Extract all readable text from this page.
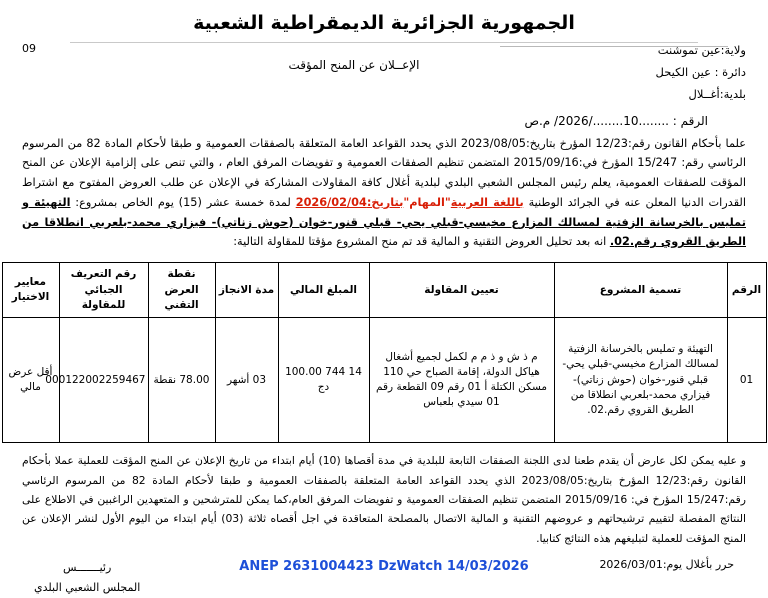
الجمهورية الجزائرية الديمقراطية الشعبية
ولاية:عين تموشنت
دائرة : عين الكيحل
بلدية:أغــلال
الإعــلان عن المنح المؤقت
09
الرقم : ........10......../2026/ م.ص
علما بأحكام القانون رقم:12/23 المؤرخ بتاريخ:2023/08/05 الذي يحدد القواعد العامة المتعلقة بالصفقات العمومية و طبقا لأحكام المادة 82 من المرسوم الرئاسي رقم: 15/247 المؤرخ في:2015/09/16 المتضمن تنظيم الصفقات العمومية و تفويضات المرفق العام ، والتي تنص على إلزامية الإعلان عن المنح المؤقت للصفقات العمومية، يعلم رئيس المجلس الشعبي البلدي لبلدية أغلال كافة المقاولات المشاركة في الإعلان عن طلب العروض المفتوح مع اشتراط القدرات الدنيا المعلن عنه في الجرائد الوطنية باللغة العربية"المهام"بتاريخ:2026/02/04 لمدة خمسة عشر (15) يوم الخاص بمشروع: التهيئة و تمليس بالخرسانة الزفتية لمسالك المزارع مخيسي-قبلي يحي- قبلي قنور-خوان (حوش زناتي)- فيزاري محمد-بلعربي انطلاقا من الطريق القروي رقم.02. انه بعد تحليل العروض التقنية و المالية قد تم منح المشروع مؤقتا للمقاولة التالية:
الرقم	تسمية المشروع	تعيين المقاولة	المبلغ المالي	مدة الانجاز	نقطة العرض التقني	رقم التعريف الجبائي للمقاولة	معايير الاختيار
01	التهيئة و تمليس بالخرسانة الزفتية لمسالك المزارع مخيسي-قبلي يحي- قبلي قنور-خوان (حوش زناتي)- فيزاري محمد-بلعربي انطلاقا من الطريق القروي رقم.02.	م ذ ش و ذ م م لكمل لجميع أشغال هياكل الدولة، إقامة الصباح حي 110 مسكن الكتلة أ 01 رقم 09 القطعة رقم 01 سيدي بلعباس	14 744 100.00 دج	03 أشهر	78.00 نقطة	000122002259467	أقل عرض مالي
و عليه يمكن لكل عارض أن يقدم طعنا لدى اللجنة الصفقات التابعة للبلدية في مدة أقصاها (10) أيام ابتداء من تاريخ الإعلان عن المنح المؤقت للعملية عملا بأحكام القانون رقم:12/23 المؤرخ بتاريخ:2023/08/05 الذي يحدد القواعد العامة المتعلقة بالصفقات العمومية و طبقا لأحكام المادة 82 من المرسوم الرئاسي رقم:15/247 المؤرخ في: 2015/09/16 المتضمن تنظيم الصفقات العمومية و تفويضات المرفق العام،كما يمكن للمترشحين و المتعهدين الراغبين في الاطلاع على النتائج المفصلة لتقييم ترشيحاتهم و عروضهم التقنية و المالية الاتصال بالمصلحة المتعاقدة في اجل أقصاه ثلاثة (03) أيام ابتداء من اليوم الأول لنشر الإعلان عن المنح المؤقت للعملية لتبليغهم هذه النتائج كتابيا.
حرر بأغلال يوم:2026/03/01
رئيـــــــس
المجلس الشعبي البلدي
ANEP 2631004423 DzWatch 14/03/2026
